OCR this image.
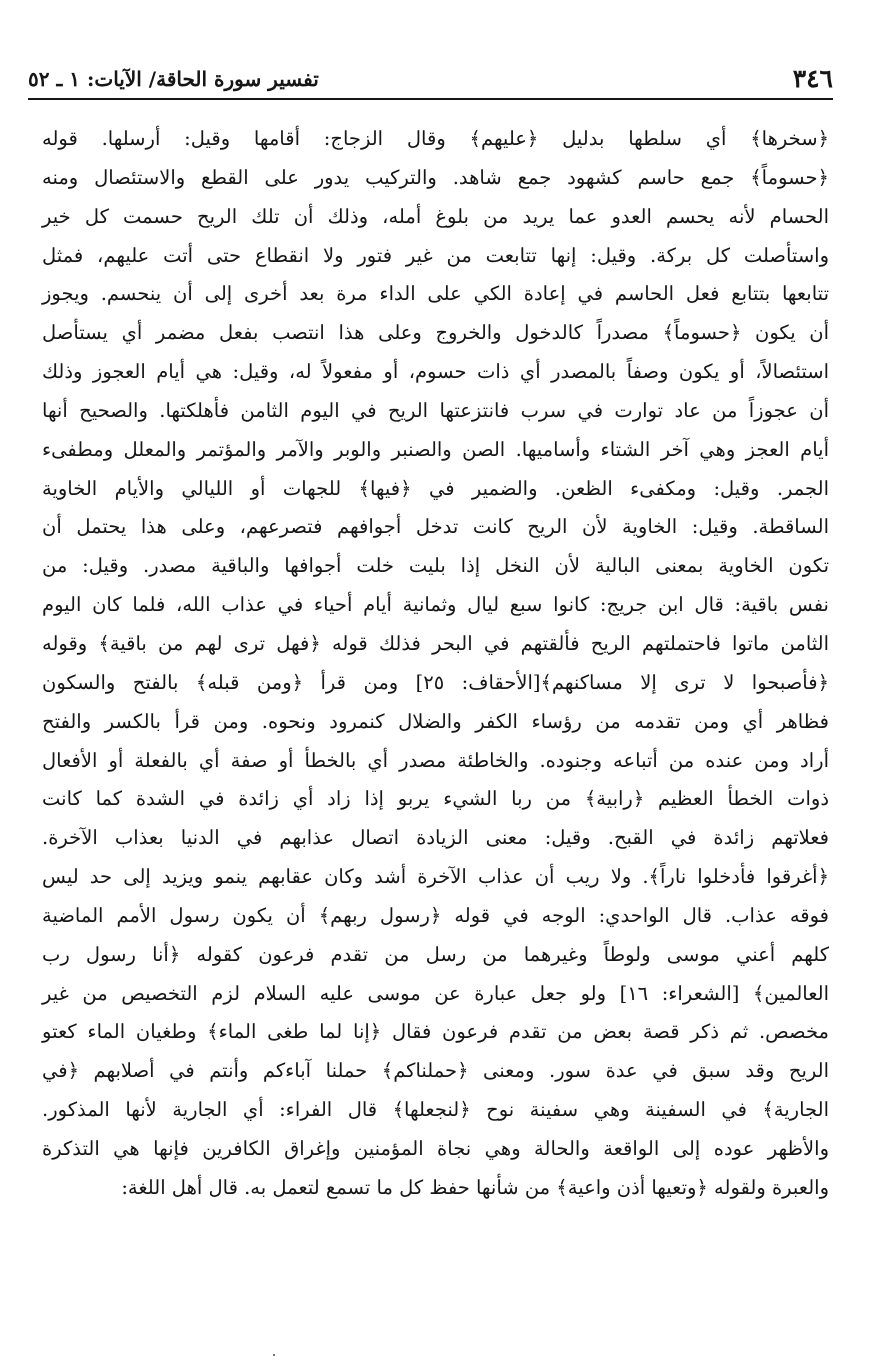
٣٤٦
تفسير سورة الحاقة/ الآيات: ١ ـ ٥٢
﴿سخرها﴾ أي سلطها بدليل ﴿عليهم﴾ وقال الزجاج: أقامها وقيل: أرسلها. قوله
﴿حسوماً﴾ جمع حاسم كشهود جمع شاهد. والتركيب يدور على القطع والاستئصال ومنه
الحسام لأنه يحسم العدو عما يريد من بلوغ أمله، وذلك أن تلك الريح حسمت كل خير
واستأصلت كل بركة. وقيل: إنها تتابعت من غير فتور ولا انقطاع حتى أتت عليهم، فمثل
تتابعها بتتابع فعل الحاسم في إعادة الكي على الداء مرة بعد أخرى إلى أن ينحسم. ويجوز
أن يكون ﴿حسوماً﴾ مصدراً كالدخول والخروج وعلى هذا انتصب بفعل مضمر أي يستأصل
استئصالاً، أو يكون وصفاً بالمصدر أي ذات حسوم، أو مفعولاً له، وقيل: هي أيام العجوز وذلك
أن عجوزاً من عاد توارت في سرب فانتزعتها الريح في اليوم الثامن فأهلكتها. والصحيح أنها
أيام العجز وهي آخر الشتاء وأساميها. الصن والصنبر والوبر والآمر والمؤتمر والمعلل ومطفىء
الجمر. وقيل: ومكفىء الظعن. والضمير في ﴿فيها﴾ للجهات أو الليالي والأيام الخاوية
الساقطة. وقيل: الخاوية لأن الريح كانت تدخل أجوافهم فتصرعهم، وعلى هذا يحتمل أن
تكون الخاوية بمعنى البالية لأن النخل إذا بليت خلت أجوافها والباقية مصدر. وقيل: من
نفس باقية: قال ابن جريج: كانوا سبع ليال وثمانية أيام أحياء في عذاب الله، فلما كان اليوم
الثامن ماتوا فاحتملتهم الريح فألقتهم في البحر فذلك قوله ﴿فهل ترى لهم من باقية﴾ وقوله
﴿فأصبحوا لا ترى إلا مساكنهم﴾[الأحقاف: ٢٥] ومن قرأ ﴿ومن قبله﴾ بالفتح والسكون
فظاهر أي ومن تقدمه من رؤساء الكفر والضلال كنمرود ونحوه. ومن قرأ بالكسر والفتح
أراد ومن عنده من أتباعه وجنوده. والخاطئة مصدر أي بالخطأ أو صفة أي بالفعلة أو الأفعال
ذوات الخطأ العظيم ﴿رابية﴾ من ربا الشيء يربو إذا زاد أي زائدة في الشدة كما كانت
فعلاتهم زائدة في القبح. وقيل: معنى الزيادة اتصال عذابهم في الدنيا بعذاب الآخرة.
﴿أغرقوا فأدخلوا ناراً﴾. ولا ريب أن عذاب الآخرة أشد وكان عقابهم ينمو ويزيد إلى حد ليس
فوقه عذاب. قال الواحدي: الوجه في قوله ﴿رسول ربهم﴾ أن يكون رسول الأمم الماضية
كلهم أعني موسى ولوطاً وغيرهما من رسل من تقدم فرعون كقوله ﴿أنا رسول رب
العالمين﴾ [الشعراء: ١٦] ولو جعل عبارة عن موسى عليه السلام لزم التخصيص من غير
مخصص. ثم ذكر قصة بعض من تقدم فرعون فقال ﴿إنا لما طغى الماء﴾ وطغيان الماء كعتو
الريح وقد سبق في عدة سور. ومعنى ﴿حملناكم﴾ حملنا آباءكم وأنتم في أصلابهم ﴿في
الجارية﴾ في السفينة وهي سفينة نوح ﴿لنجعلها﴾ قال الفراء: أي الجارية لأنها المذكور.
والأظهر عوده إلى الواقعة والحالة وهي نجاة المؤمنين وإغراق الكافرين فإنها هي التذكرة
والعبرة ولقوله ﴿وتعيها أذن واعية﴾ من شأنها حفظ كل ما تسمع لتعمل به. قال أهل اللغة:
